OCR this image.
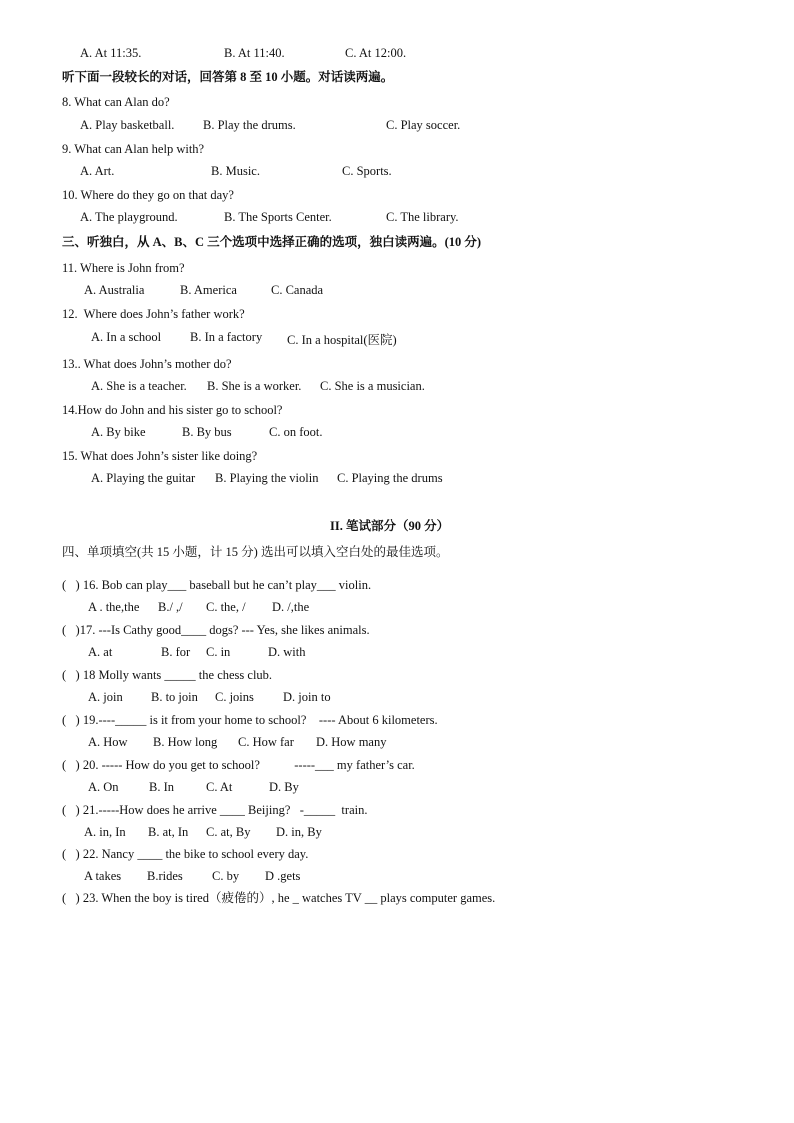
A. At 11:35.	B. At 11:40.	C. At 12:00.
听下面一段较长的对话，回答第 8 至 10 小题。对话读两遍。
8. What can Alan do?
A. Play basketball. B. Play the drums.	C. Play soccer.
9. What can Alan help with?
A. Art.	B. Music.	C. Sports.
10. Where do they go on that day?
A. The playground.	B. The Sports Center.	C. The library.
三、听独白，从 A、B、C 三个选项中选择正确的选项，独白读两遍。(10 分)
11. Where is John from?
A. Australia	B. America	C. Canada
12.  Where does John’s father work?
A. In a school B. In a factory C. In a hospital(医院)
13.. What does John’s mother do?
A. She is a teacher. B. She is a worker. C. She is a musician.
14.How do John and his sister go to school?
A. By bike	B. By bus	C. on foot.
15. What does John’s sister like doing?
A. Playing the guitar B. Playing the violin C. Playing the drums
II. 笔试部分（90 分）
四、单项填空(共 15 小题，计 15 分) 选出可以填入空白处的最佳选项。
(   ) 16. Bob can play___ baseball but he can’t play___ violin.
A . the,the B./ ,/ C. the, / D. /,the
(   )17. ---Is Cathy good____ dogs? --- Yes, she likes animals.
A. at	B. for C. in	D. with
(   ) 18 Molly wants _____ the chess club.
A. join B. to join C. joins D. join to
(   ) 19.----_____ is it from your home to school?    ---- About 6 kilometers.
A. How B. How long C. How far D. How many
(   ) 20. ----- How do you get to school?           -----___ my father’s car.
A. On B. In	C. At	D. By
(   ) 21.-----How does he arrive ____ Beijing?   -_____  train.
A. in, In B. at, In C. at, By D. in, By
(   ) 22. Nancy ____ the bike to school every day.
A takes B.rides C. by D .gets
(   ) 23. When the boy is tired（疲倦的）, he _ watches TV __ plays computer games.
